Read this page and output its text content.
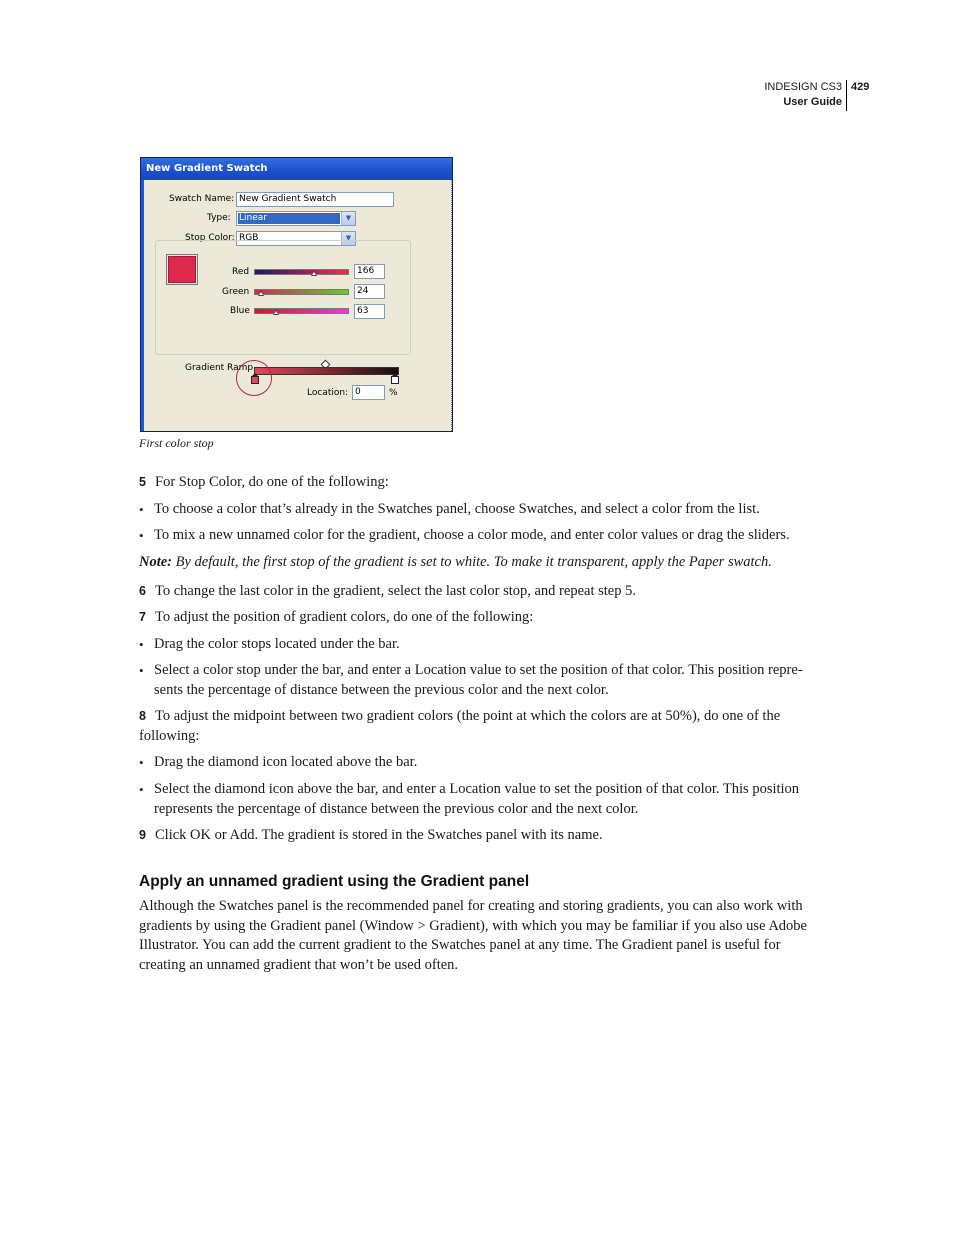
INDESIGN CS3
User Guide
429
New Gradient Swatch
Swatch Name: New Gradient Swatch
Type: Linear	▼
Stop Color: RGB	▼
Red	166
Green	24
Blue	63
Gradient Ramp
Location: 0	%
First color stop
5 For Stop Color, do one of the following:
• To choose a color that’s already in the Swatches panel, choose Swatches, and select a color from the list.
• To mix a new unnamed color for the gradient, choose a color mode, and enter color values or drag the sliders.
Note: By default, the first stop of the gradient is set to white. To make it transparent, apply the Paper swatch.
6 To change the last color in the gradient, select the last color stop, and repeat step 5.
7 To adjust the position of gradient colors, do one of the following:
• Drag the color stops located under the bar.
• Select a color stop under the bar, and enter a Location value to set the position of that color. This position repre-
sents the percentage of distance between the previous color and the next color.
8 To adjust the midpoint between two gradient colors (the point at which the colors are at 50%), do one of the
following:
• Drag the diamond icon located above the bar.
• Select the diamond icon above the bar, and enter a Location value to set the position of that color. This position
represents the percentage of distance between the previous color and the next color.
9 Click OK or Add. The gradient is stored in the Swatches panel with its name.
Apply an unnamed gradient using the Gradient panel
Although the Swatches panel is the recommended panel for creating and storing gradients, you can also work with
gradients by using the Gradient panel (Window > Gradient), with which you may be familiar if you also use Adobe
Illustrator. You can add the current gradient to the Swatches panel at any time. The Gradient panel is useful for
creating an unnamed gradient that won’t be used often.
